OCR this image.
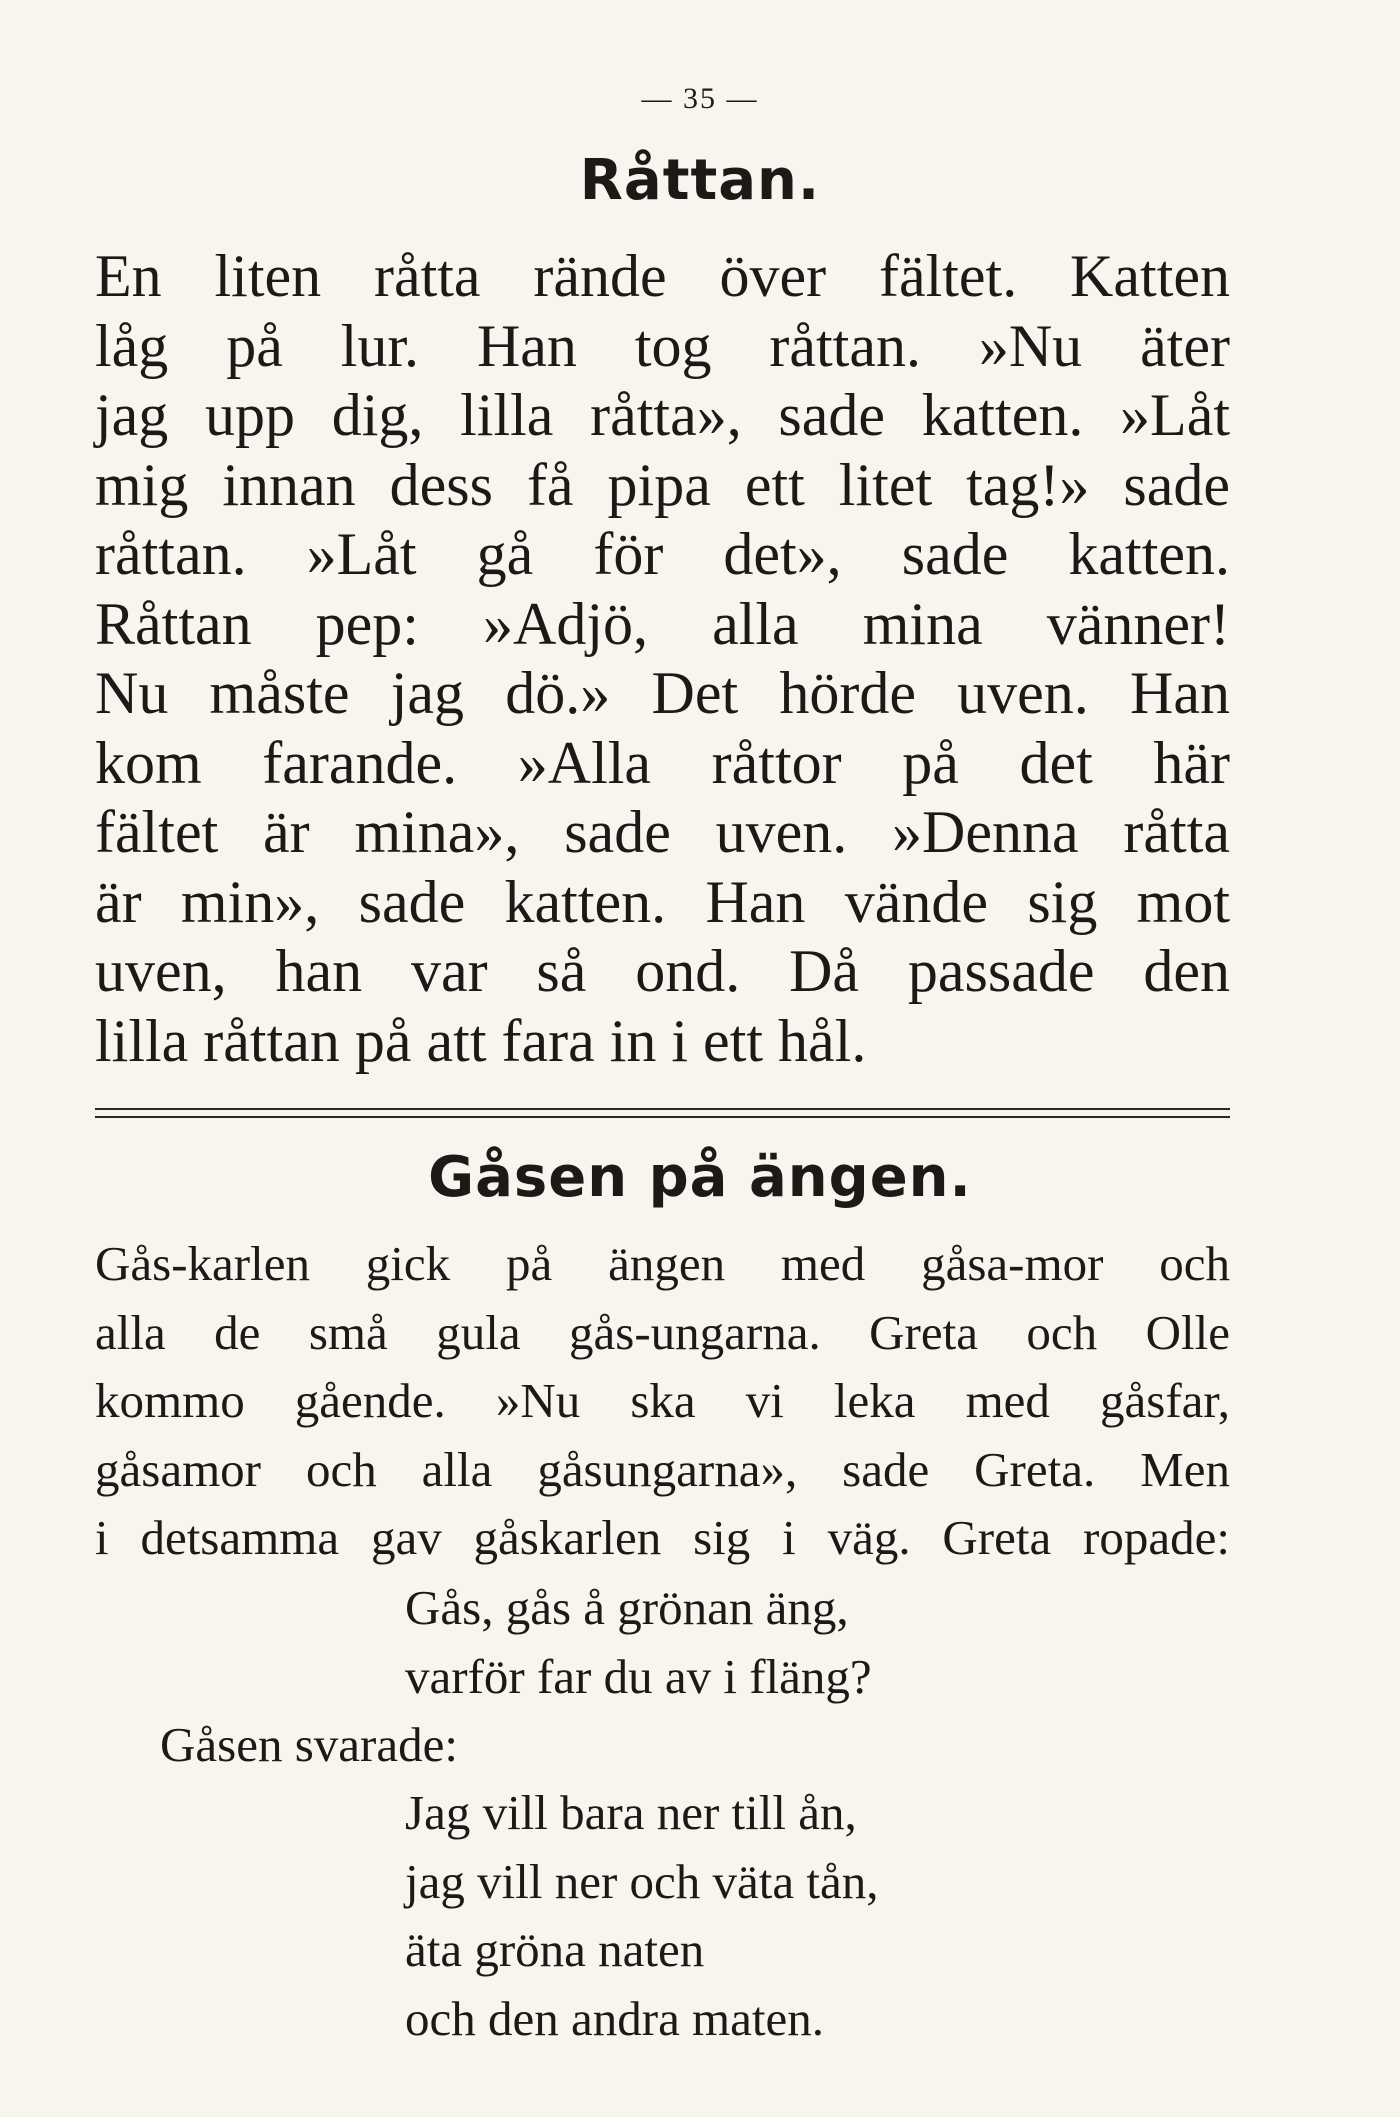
— 35 —
Råttan.
En liten råtta rände över fältet. Katten
låg på lur. Han tog råttan. »Nu äter
jag upp dig, lilla råtta», sade katten. »Låt
mig innan dess få pipa ett litet tag!» sade
råttan. »Låt gå för det», sade katten.
Råttan pep: »Adjö, alla mina vänner!
Nu måste jag dö.» Det hörde uven. Han
kom farande. »Alla råttor på det här
fältet är mina», sade uven. »Denna råtta
är min», sade katten. Han vände sig mot
uven, han var så ond. Då passade den
lilla råttan på att fara in i ett hål.
Gåsen på ängen.
Gås-karlen gick på ängen med gåsa-mor och
alla de små gula gås-ungarna. Greta och Olle
kommo gående. »Nu ska vi leka med gåsfar,
gåsamor och alla gåsungarna», sade Greta. Men
i detsamma gav gåskarlen sig i väg. Greta ropade:
Gås, gås å grönan äng,
varför far du av i fläng?
Gåsen svarade:
Jag vill bara ner till ån,
jag vill ner och väta tån,
äta gröna naten
och den andra maten.
